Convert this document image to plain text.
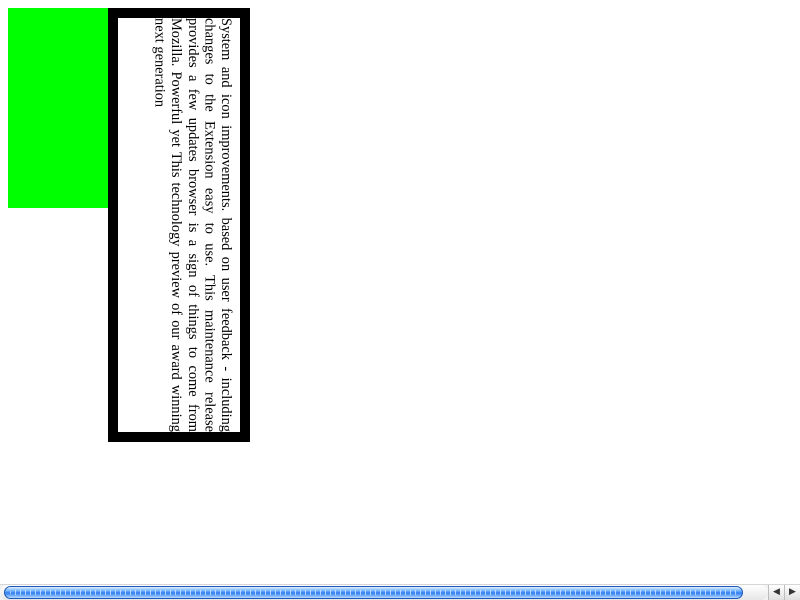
System and icon improvements. based on user feedback - including changes to the Extension easy to use. This maintenance release provides a few updates browser is a sign of things to come from Mozilla. Powerful yet This technology preview of our award winning next generation
◀	▶
